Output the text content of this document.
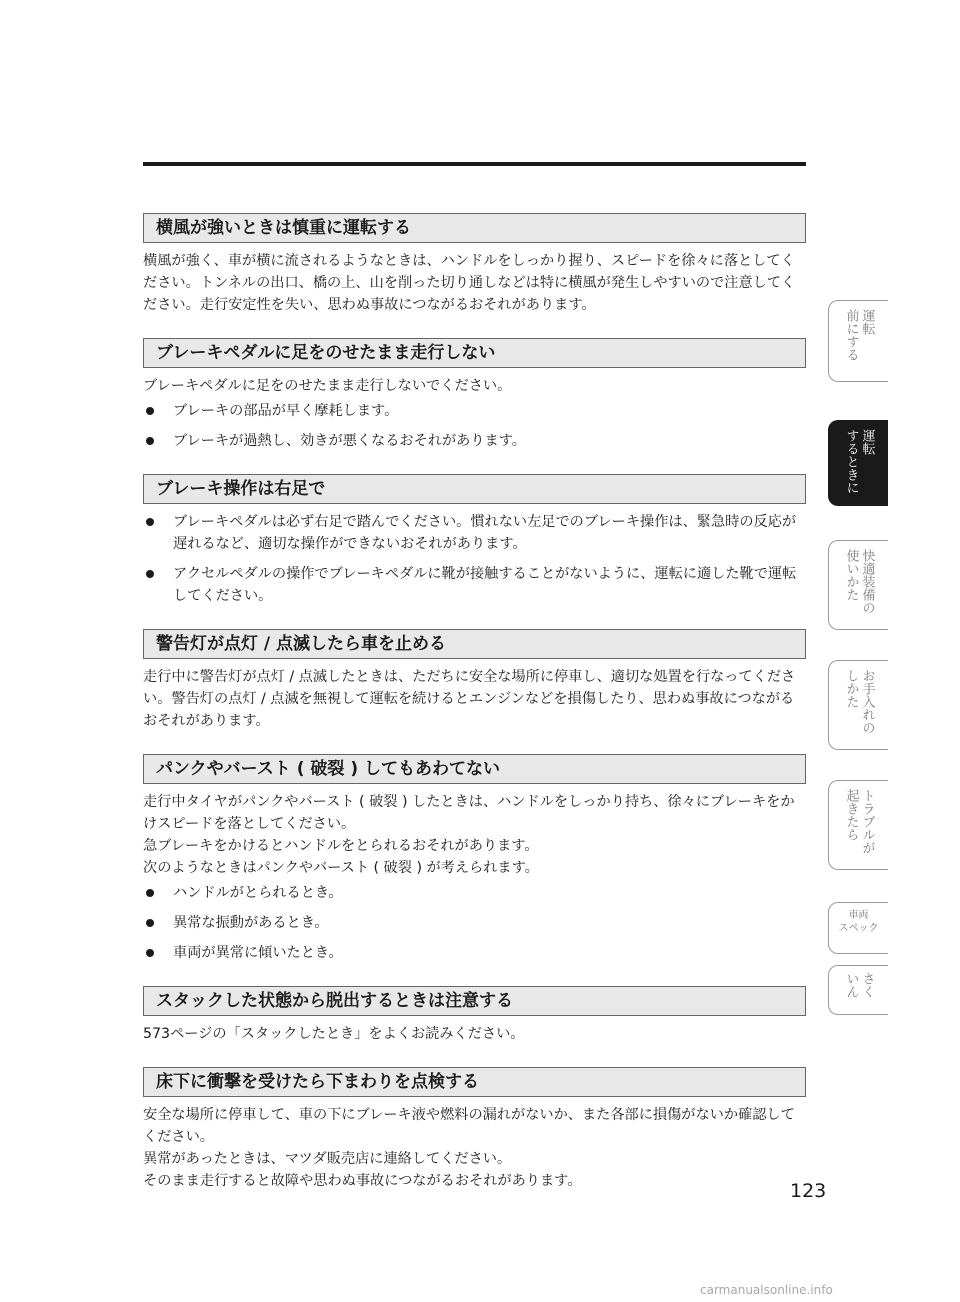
横風が強いときは慎重に運転する

横風が強く、車が横に流されるようなときは、ハンドルをしっかり握り、スピードを徐々に落としてください。トンネルの出口、橋の上、山を削った切り通しなどは特に横風が発生しやすいので注意してください。走行安定性を失い、思わぬ事故につながるおそれがあります。

ブレーキペダルに足をのせたまま走行しない

ブレーキペダルに足をのせたまま走行しないでください。

ブレーキの部品が早く摩耗します。
ブレーキが過熱し、効きが悪くなるおそれがあります。
ブレーキ操作は右足で
ブレーキペダルは必ず右足で踏んでください。慣れない左足でのブレーキ操作は、緊急時の反応が遅れるなど、適切な操作ができないおそれがあります。
アクセルペダルの操作でブレーキペダルに靴が接触することがないように、運転に適した靴で運転してください。
警告灯が点灯 / 点滅したら車を止める

走行中に警告灯が点灯 / 点滅したときは、ただちに安全な場所に停車し、適切な処置を行なってください。警告灯の点灯 / 点滅を無視して運転を続けるとエンジンなどを損傷したり、思わぬ事故につながるおそれがあります。

パンクやバースト ( 破裂 ) してもあわてない

走行中タイヤがパンクやバースト ( 破裂 ) したときは、ハンドルをしっかり持ち、徐々にブレーキをかけスピードを落としてください。

急ブレーキをかけるとハンドルをとられるおそれがあります。

次のようなときはパンクやバースト ( 破裂 ) が考えられます。

ハンドルがとられるとき。
異常な振動があるとき。
車両が異常に傾いたとき。
スタックした状態から脱出するときは注意する

573ページの「スタックしたとき」をよくお読みください。

床下に衝撃を受けたら下まわりを点検する

安全な場所に停車して、車の下にブレーキ液や燃料の漏れがないか、また各部に損傷がないか確認してください。

異常があったときは、マツダ販売店に連絡してください。

そのまま走行すると故障や思わぬ事故につながるおそれがあります。

運転
前にする
運転
するときに
快適装備の
使いかた
お手入れの
しかた
トラブルが
起きたら
車両
スペック
さく
いん
123
carmanualsonline.info
